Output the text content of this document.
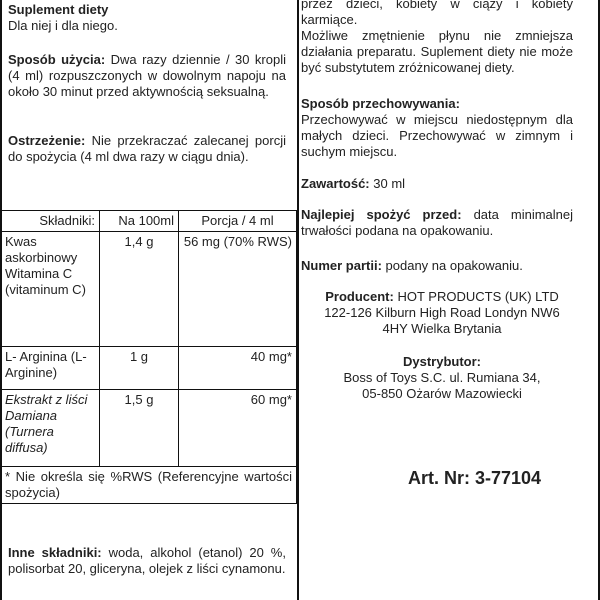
Suplement diety
Dla niej i dla niego.
Sposób użycia: Dwa razy dziennie / 30 kropli (4 ml) rozpuszczonych w dowolnym napoju na około 30 minut przed aktywnością seksualną.
Ostrzeżenie: Nie przekraczać zalecanej porcji do spożycia (4 ml dwa razy w ciągu dnia).
Składniki:	Na 100ml	Porcja / 4 ml
Kwas askorbinowy Witamina C (vitaminum C)	1,4 g	56 mg (70% RWS)
L- Arginina (L-Arginine)	1 g	40 mg*
Ekstrakt z liści Damiana (Turnera diffusa)	1,5 g	60 mg*
* Nie określa się %RWS (Referencyjne wartości spożycia)		
Inne składniki: woda, alkohol (etanol) 20 %, polisorbat 20, gliceryna, olejek z liści cynamonu.
przez dzieci, kobiety w ciąży i kobiety karmiące.
Możliwe zmętnienie płynu nie zmniejsza działania preparatu. Suplement diety nie może być substytutem zróżnicowanej diety.
Sposób przechowywania:
Przechowywać w miejscu niedostępnym dla małych dzieci. Przechowywać w zimnym i suchym miejscu.
Zawartość: 30 ml
Najlepiej spożyć przed: data minimalnej trwałości podana na opakowaniu.
Numer partii: podany na opakowaniu.
Producent: HOT PRODUCTS (UK) LTD
122-126 Kilburn High Road Londyn NW6
4HY Wielka Brytania
Dystrybutor:
Boss of Toys S.C. ul. Rumiana 34,
05-850 Ożarów Mazowiecki
Art. Nr: 3-77104
